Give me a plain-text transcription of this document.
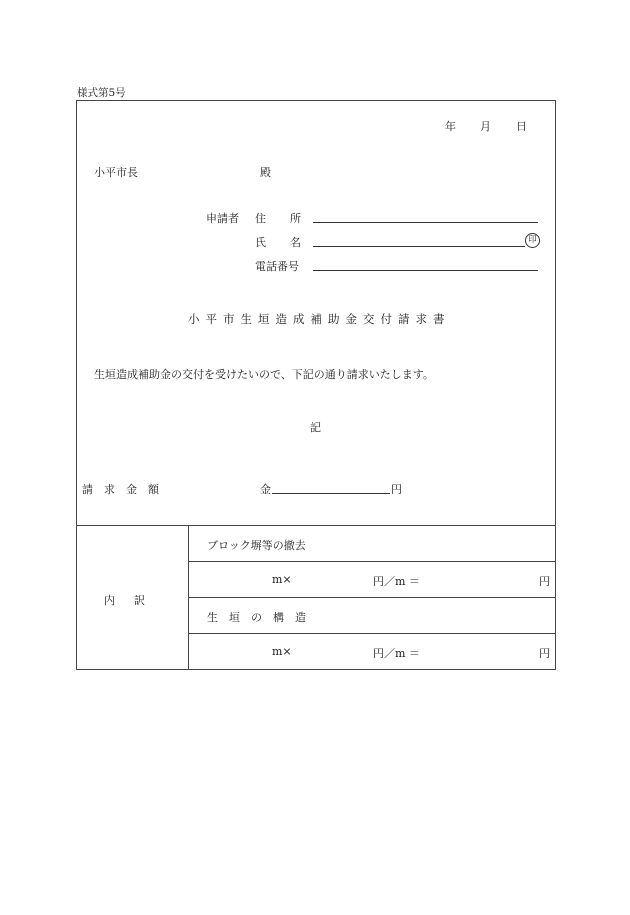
様式第5号
年 月 日
小平市長	殿
申請者 住 所
氏 名	印
電話番号
小平市生垣造成補助金交付請求書
生垣造成補助金の交付を受けたいので、下記の通り請求いたします。
記
請求金額	金	円
内　訳
ブロック塀等の撤去
m×	円／m ＝	円
生　垣　の　構　造
m×	円／m ＝	円
